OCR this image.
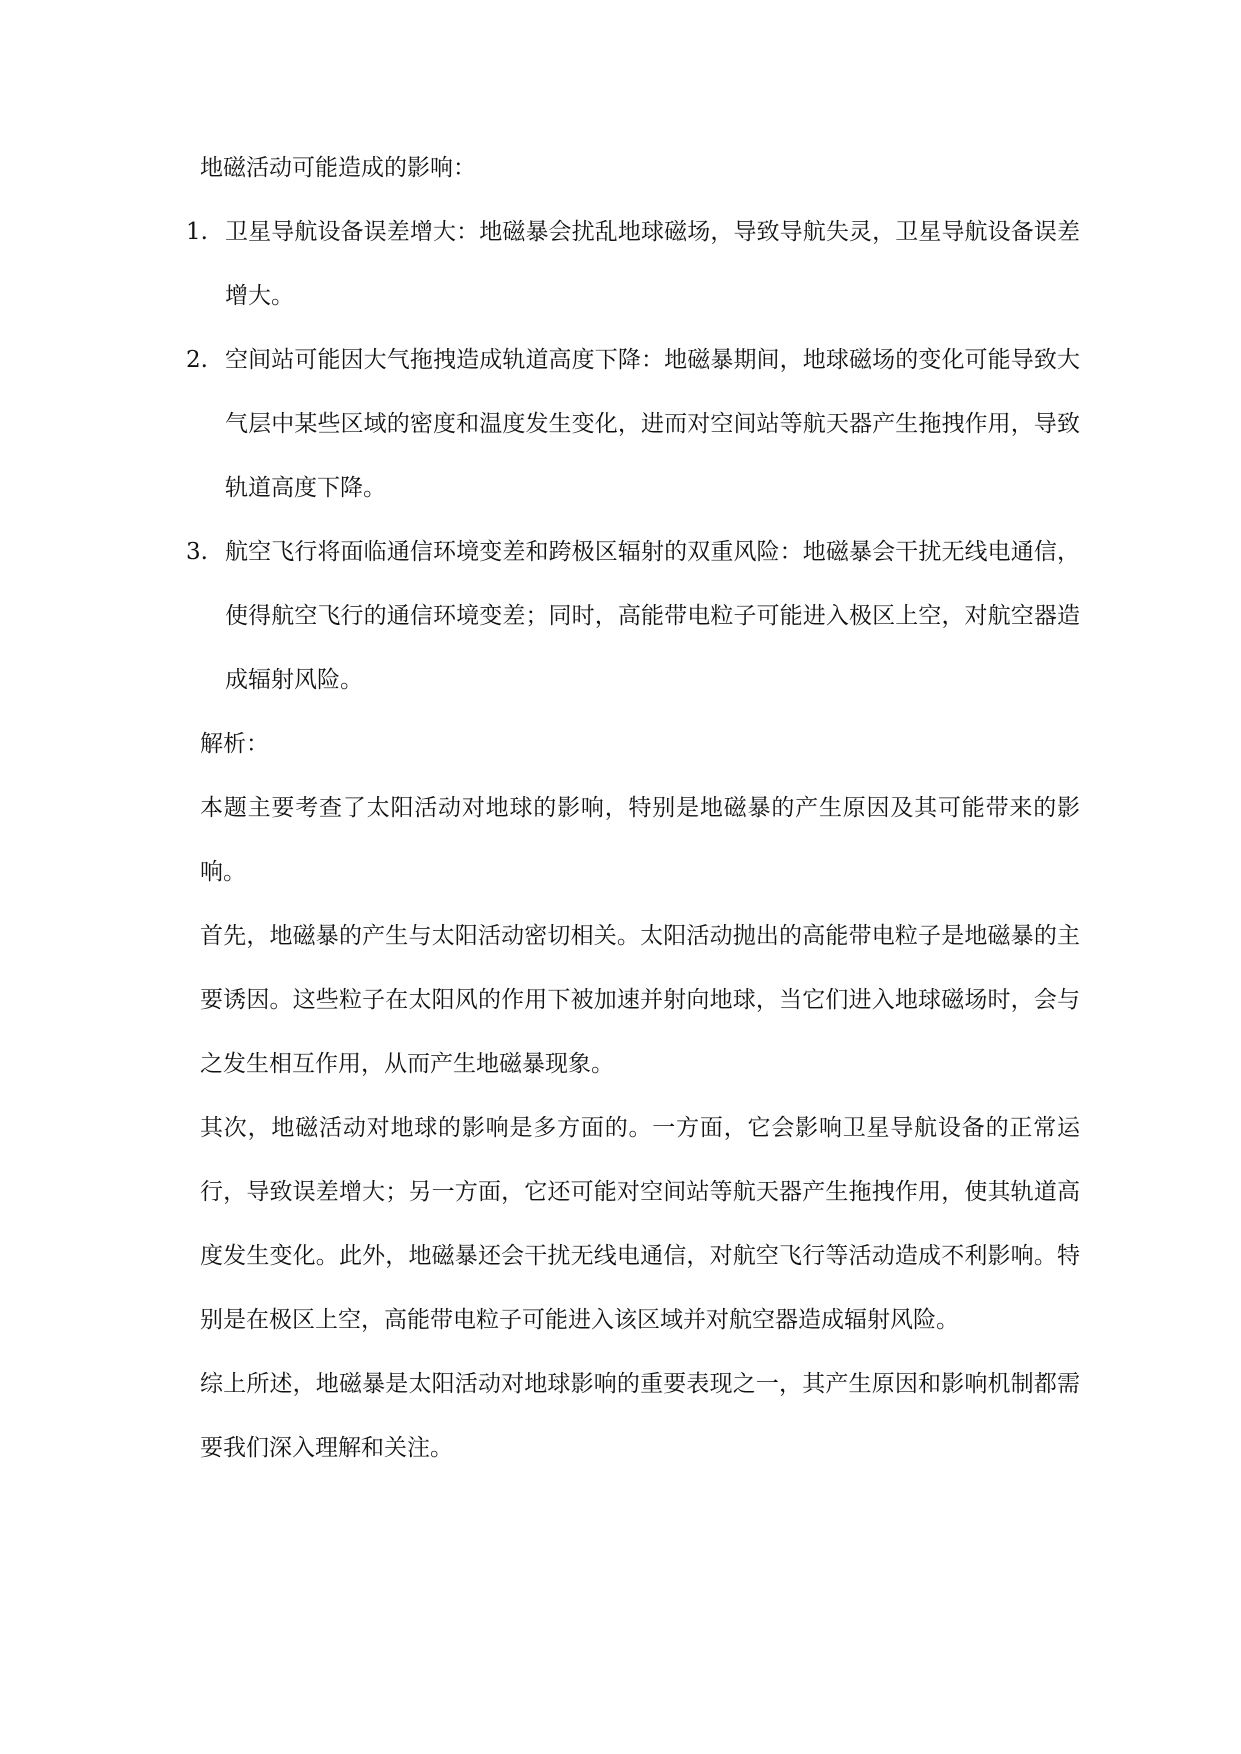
地磁活动可能造成的影响：

1. 卫星导航设备误差增大：地磁暴会扰乱地球磁场，导致导航失灵，卫星导航设备误差增大。
2. 空间站可能因大气拖拽造成轨道高度下降：地磁暴期间，地球磁场的变化可能导致大气层中某些区域的密度和温度发生变化，进而对空间站等航天器产生拖拽作用，导致轨道高度下降。
3. 航空飞行将面临通信环境变差和跨极区辐射的双重风险：地磁暴会干扰无线电通信，使得航空飞行的通信环境变差；同时，高能带电粒子可能进入极区上空，对航空器造成辐射风险。

解析：

本题主要考查了太阳活动对地球的影响，特别是地磁暴的产生原因及其可能带来的影响。

首先，地磁暴的产生与太阳活动密切相关。太阳活动抛出的高能带电粒子是地磁暴的主要诱因。这些粒子在太阳风的作用下被加速并射向地球，当它们进入地球磁场时，会与之发生相互作用，从而产生地磁暴现象。

其次，地磁活动对地球的影响是多方面的。一方面，它会影响卫星导航设备的正常运行，导致误差增大；另一方面，它还可能对空间站等航天器产生拖拽作用，使其轨道高度发生变化。此外，地磁暴还会干扰无线电通信，对航空飞行等活动造成不利影响。特别是在极区上空，高能带电粒子可能进入该区域并对航空器造成辐射风险。

综上所述，地磁暴是太阳活动对地球影响的重要表现之一，其产生原因和影响机制都需要我们深入理解和关注。
